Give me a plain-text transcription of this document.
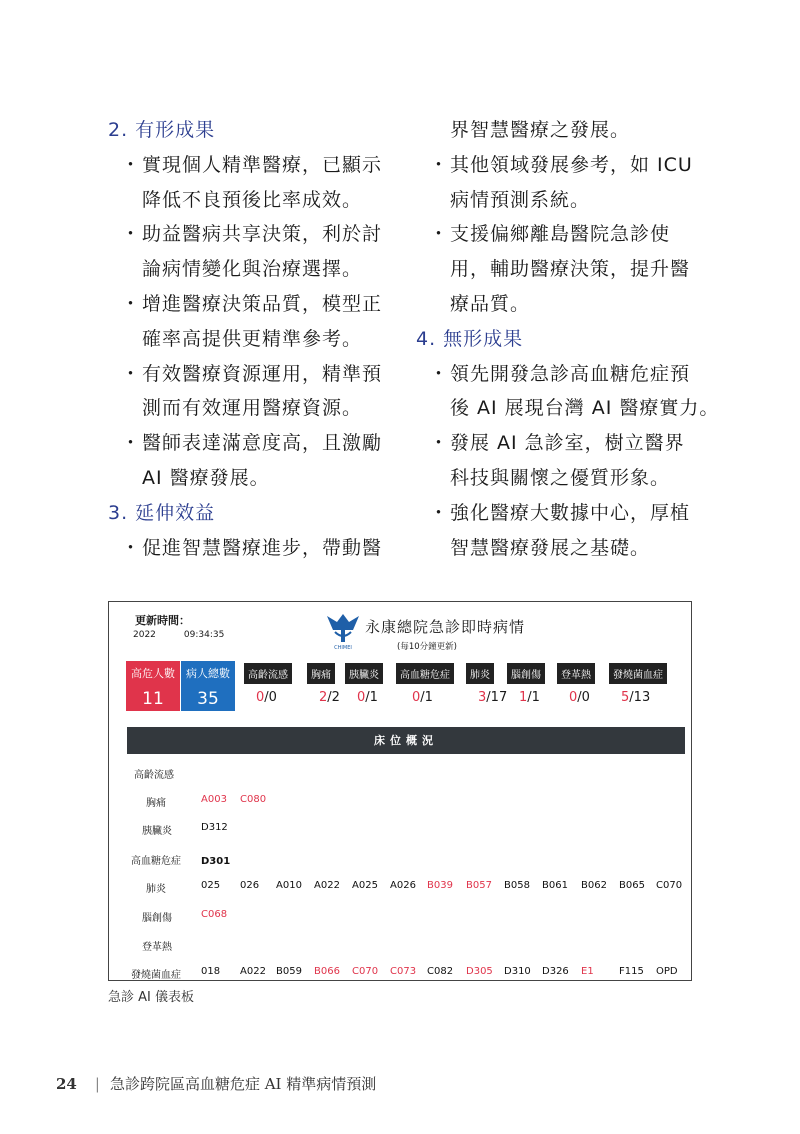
2. 有形成果
・實現個人精準醫療，已顯示
降低不良預後比率成效。
・助益醫病共享決策，利於討
論病情變化與治療選擇。
・增進醫療決策品質，模型正
確率高提供更精準參考。
・有效醫療資源運用，精準預
測而有效運用醫療資源。
・醫師表達滿意度高，且激勵
AI 醫療發展。
3. 延伸效益
・促進智慧醫療進步，帶動醫
界智慧醫療之發展。
・其他領域發展參考，如 ICU
病情預測系統。
・支援偏鄉離島醫院急診使
用，輔助醫療決策，提升醫
療品質。
4. 無形成果
・領先開發急診高血糖危症預
後 AI 展現台灣 AI 醫療實力。
・發展 AI 急診室，樹立醫界
科技與關懷之優質形象。
・強化醫療大數據中心，厚植
智慧醫療發展之基礎。
更新時間：
2022	09:34:35
CHIMEI
永康總院急診即時病情
(每10分鐘更新)
高危人數
11
病人總數
35
高齡流感
0/0
胸痛
2/2
胰臟炎
0/1
高血糖危症
0/1
肺炎
3/17
腦創傷
1/1
登革熱
0/0
發燒菌血症
5/13
床位概況
高齡流感
胸痛	A003 C080
胰臟炎	D312
高血糖危症 D301
肺炎	025 026 A010 A022 A025 A026 B039 B057 B058 B061 B062 B065 C070
腦創傷	C068
登革熱
發燒菌血症 018 A022 B059 B066 C070 C073 C082 D305 D310 D326 E1	F115 OPD
急診 AI 儀表板
24 | 急診跨院區高血糖危症 AI 精準病情預測
